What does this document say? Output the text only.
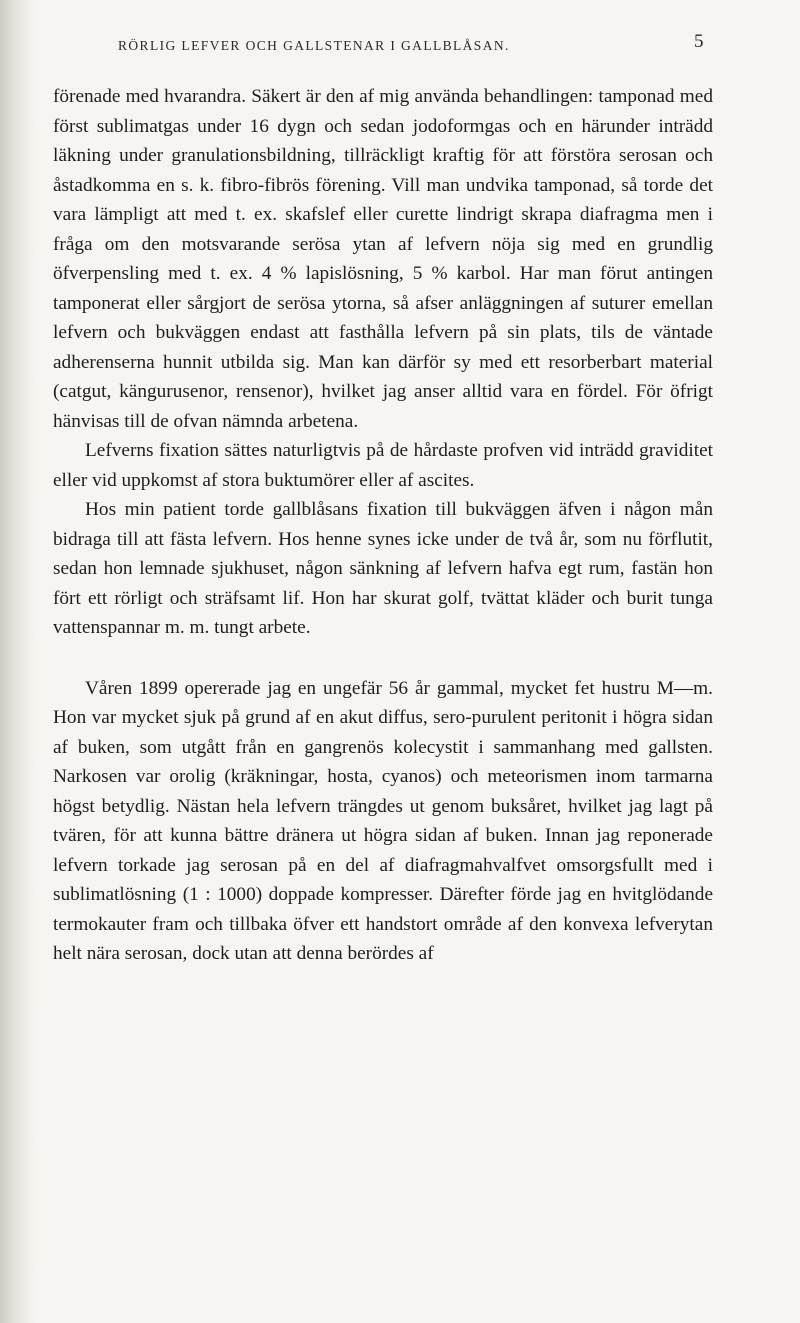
RÖRLIG LEFVER OCH GALLSTENAR I GALLBLÅSAN.	5

förenade med hvarandra. Säkert är den af mig använda behandlingen: tamponad med först sublimatgas under 16 dygn och sedan jodoformgas och en härunder inträdd läkning under granulationsbildning, tillräckligt kraftig för att förstöra serosan och åstadkomma en s. k. fibro-fibrös förening. Vill man undvika tamponad, så torde det vara lämpligt att med t. ex. skafslef eller curette lindrigt skrapa diafragma men i fråga om den motsvarande serösa ytan af lefvern nöja sig med en grundlig öfverpensling med t. ex. 4 % lapislösning, 5 % karbol. Har man förut antingen tamponerat eller sårgjort de serösa ytorna, så afser anläggningen af suturer emellan lefvern och bukväggen endast att fasthålla lefvern på sin plats, tils de väntade adherenserna hunnit utbilda sig. Man kan därför sy med ett resorberbart material (catgut, kängurusenor, rensenor), hvilket jag anser alltid vara en fördel. För öfrigt hänvisas till de ofvan nämnda arbetena.

Lefverns fixation sättes naturligtvis på de hårdaste profven vid inträdd graviditet eller vid uppkomst af stora buktumörer eller af ascites.

Hos min patient torde gallblåsans fixation till bukväggen äfven i någon mån bidraga till att fästa lefvern. Hos henne synes icke under de två år, som nu förflutit, sedan hon lemnade sjukhuset, någon sänkning af lefvern hafva egt rum, fastän hon fört ett rörligt och sträfsamt lif. Hon har skurat golf, tvättat kläder och burit tunga vattenspannar m. m. tungt arbete.

Våren 1899 opererade jag en ungefär 56 år gammal, mycket fet hustru M—m. Hon var mycket sjuk på grund af en akut diffus, sero-purulent peritonit i högra sidan af buken, som utgått från en gangrenös kolecystit i sammanhang med gallsten. Narkosen var orolig (kräkningar, hosta, cyanos) och meteorismen inom tarmarna högst betydlig. Nästan hela lefvern trängdes ut genom buksåret, hvilket jag lagt på tvären, för att kunna bättre dränera ut högra sidan af buken. Innan jag reponerade lefvern torkade jag serosan på en del af diafragmahvalfvet omsorgsfullt med i sublimatlösning (1 : 1000) doppade kompresser. Därefter förde jag en hvitglödande termokauter fram och tillbaka öfver ett handstort område af den konvexa lefverytan helt nära serosan, dock utan att denna berördes af
